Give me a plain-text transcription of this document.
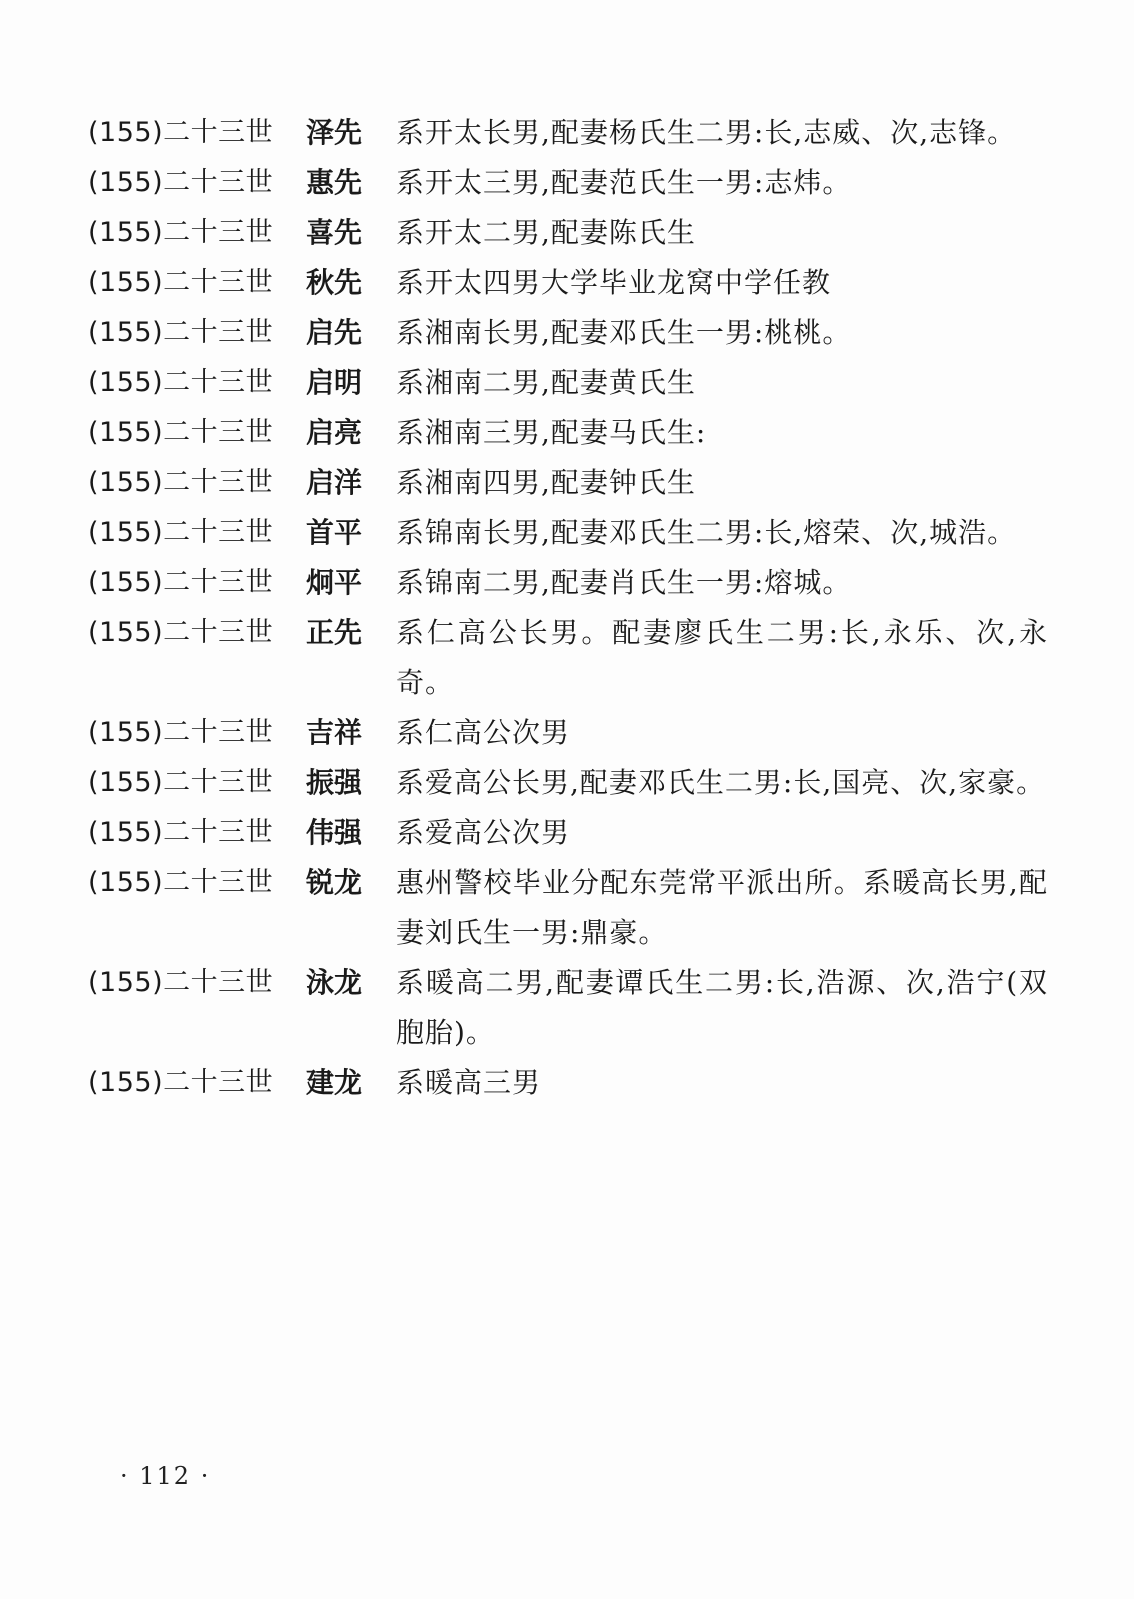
(155)二十三世	泽先	系开太长男,配妻杨氏生二男:长,志威、次,志锋。
(155)二十三世	惠先	系开太三男,配妻范氏生一男:志炜。
(155)二十三世	喜先	系开太二男,配妻陈氏生
(155)二十三世	秋先	系开太四男大学毕业龙窝中学任教
(155)二十三世	启先	系湘南长男,配妻邓氏生一男:桃桃。
(155)二十三世	启明	系湘南二男,配妻黄氏生
(155)二十三世	启亮	系湘南三男,配妻马氏生:
(155)二十三世	启洋	系湘南四男,配妻钟氏生
(155)二十三世	首平	系锦南长男,配妻邓氏生二男:长,熔荣、次,城浩。
(155)二十三世	炯平	系锦南二男,配妻肖氏生一男:熔城。
(155)二十三世	正先	系仁高公长男。配妻廖氏生二男:长,永乐、次,永奇。
(155)二十三世	吉祥	系仁高公次男
(155)二十三世	振强	系爱高公长男,配妻邓氏生二男:长,国亮、次,家豪。
(155)二十三世	伟强	系爱高公次男
(155)二十三世	锐龙	惠州警校毕业分配东莞常平派出所。系暖高长男,配妻刘氏生一男:鼎豪。
(155)二十三世	泳龙	系暖高二男,配妻谭氏生二男:长,浩源、次,浩宁(双胞胎)。
(155)二十三世	建龙	系暖高三男
· 112 ·
